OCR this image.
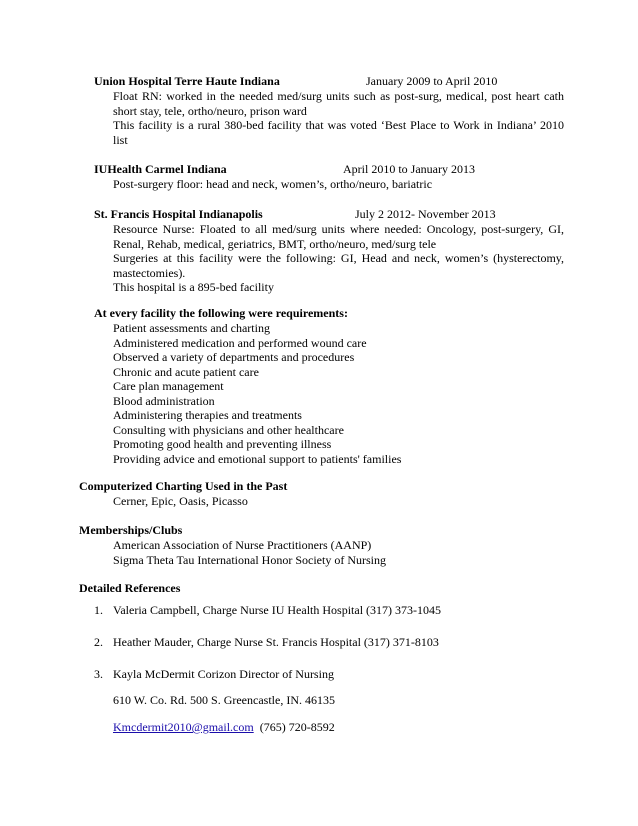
Union Hospital Terre Haute Indiana	January 2009 to April 2010

Float RN: worked in the needed med/surg units such as post-surg, medical, post heart cath short stay, tele, ortho/neuro, prison ward

This facility is a rural 380-bed facility that was voted ‘Best Place to Work in Indiana’ 2010 list

IUHealth Carmel Indiana	April 2010 to January 2013

Post-surgery floor: head and neck, women’s, ortho/neuro, bariatric

St. Francis Hospital Indianapolis	July 2 2012- November 2013

Resource Nurse: Floated to all med/surg units where needed: Oncology, post-surgery, GI, Renal, Rehab, medical, geriatrics, BMT, ortho/neuro, med/surg tele

Surgeries at this facility were the following: GI, Head and neck, women’s (hysterectomy, mastectomies).

This hospital is a 895-bed facility

At every facility the following were requirements:
Patient assessments and charting
Administered medication and performed wound care
Observed a variety of departments and procedures
Chronic and acute patient care
Care plan management
Blood administration
Administering therapies and treatments
Consulting with physicians and other healthcare
Promoting good health and preventing illness
Providing advice and emotional support to patients' families
Computerized Charting Used in the Past
Cerner, Epic, Oasis, Picasso
Memberships/Clubs
American Association of Nurse Practitioners (AANP)
Sigma Theta Tau International Honor Society of Nursing
Detailed References
1. Valeria Campbell, Charge Nurse IU Health Hospital (317) 373-1045
2. Heather Mauder, Charge Nurse St. Francis Hospital (317) 371-8103
3. Kayla McDermit Corizon Director of Nursing
610 W. Co. Rd. 500 S. Greencastle, IN. 46135
Kmcdermit2010@gmail.com (765) 720-8592
